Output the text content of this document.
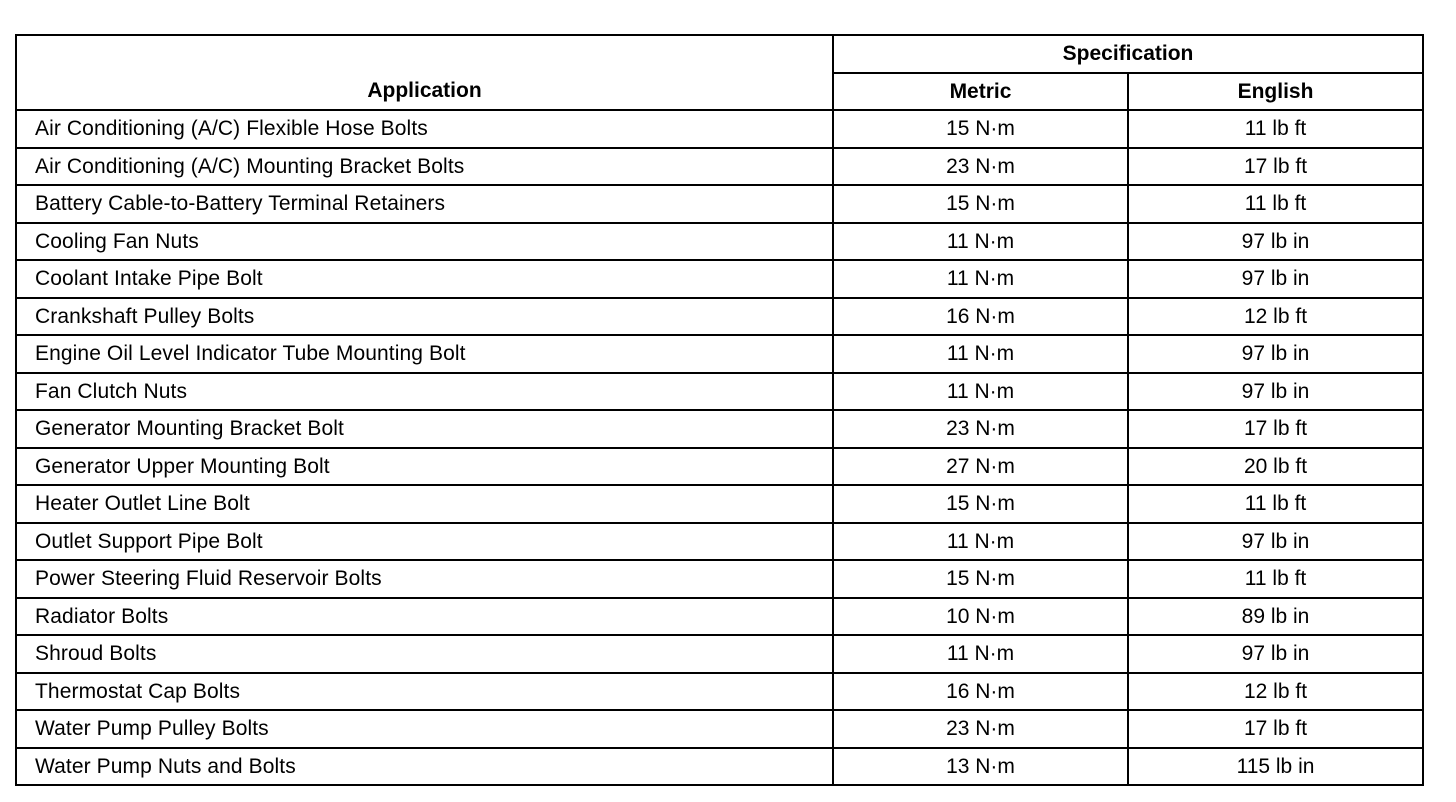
Application	Specification	
	Metric	English
Air Conditioning (A/C) Flexible Hose Bolts	15 N·m	11 lb ft
Air Conditioning (A/C) Mounting Bracket Bolts	23 N·m	17 lb ft
Battery Cable-to-Battery Terminal Retainers	15 N·m	11 lb ft
Cooling Fan Nuts	11 N·m	97 lb in
Coolant Intake Pipe Bolt	11 N·m	97 lb in
Crankshaft Pulley Bolts	16 N·m	12 lb ft
Engine Oil Level Indicator Tube Mounting Bolt	11 N·m	97 lb in
Fan Clutch Nuts	11 N·m	97 lb in
Generator Mounting Bracket Bolt	23 N·m	17 lb ft
Generator Upper Mounting Bolt	27 N·m	20 lb ft
Heater Outlet Line Bolt	15 N·m	11 lb ft
Outlet Support Pipe Bolt	11 N·m	97 lb in
Power Steering Fluid Reservoir Bolts	15 N·m	11 lb ft
Radiator Bolts	10 N·m	89 lb in
Shroud Bolts	11 N·m	97 lb in
Thermostat Cap Bolts	16 N·m	12 lb ft
Water Pump Pulley Bolts	23 N·m	17 lb ft
Water Pump Nuts and Bolts	13 N·m	115 lb in
